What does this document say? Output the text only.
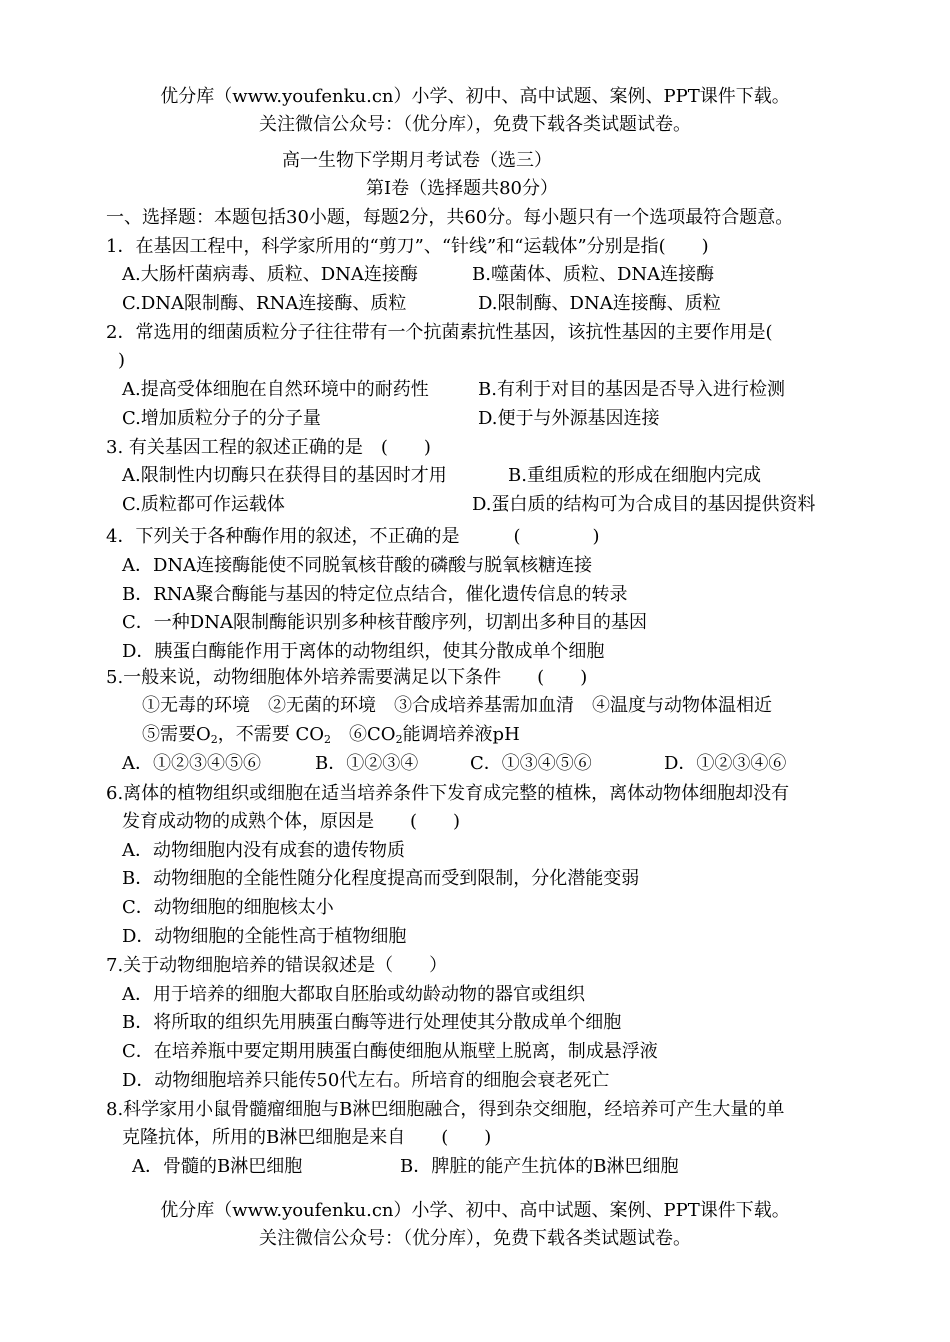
优分库（www.youfenku.cn）小学、初中、高中试题、案例、PPT课件下载。
关注微信公众号：（优分库），免费下载各类试题试卷。
高一生物下学期月考试卷（选三）
第Ⅰ卷（选择题共80分）
一、选择题：本题包括30小题，每题2分，共60分。每小题只有一个选项最符合题意。
1．在基因工程中，科学家所用的“剪刀”、“针线”和“运载体”分别是指(　　)
A.大肠杆菌病毒、质粒、DNA连接酶	B.噬菌体、质粒、DNA连接酶
C.DNA限制酶、RNA连接酶、质粒	D.限制酶、DNA连接酶、质粒
2．常选用的细菌质粒分子往往带有一个抗菌素抗性基因，该抗性基因的主要作用是(
)
A.提高受体细胞在自然环境中的耐药性	B.有利于对目的基因是否导入进行检测
C.增加质粒分子的分子量	D.便于与外源基因连接
3. 有关基因工程的叙述正确的是　(　　)
A.限制性内切酶只在获得目的基因时才用	B.重组质粒的形成在细胞内完成
C.质粒都可作运载体	D.蛋白质的结构可为合成目的基因提供资料
4．下列关于各种酶作用的叙述，不正确的是　　　(　　　　)
A．DNA连接酶能使不同脱氧核苷酸的磷酸与脱氧核糖连接
B．RNA聚合酶能与基因的特定位点结合，催化遗传信息的转录
C．一种DNA限制酶能识别多种核苷酸序列，切割出多种目的基因
D．胰蛋白酶能作用于离体的动物组织，使其分散成单个细胞
5.一般来说，动物细胞体外培养需要满足以下条件　　(　　)
①无毒的环境　②无菌的环境　③合成培养基需加血清　④温度与动物体温相近
⑤需要$O_2$，不需要 $CO_2$　$⑥CO_2$能调培养液pH
A．①②③④⑤⑥	B．①②③④	C．①③④⑤⑥	D．①②③④⑥
6.离体的植物组织或细胞在适当培养条件下发育成完整的植株，离体动物体细胞却没有
发育成动物的成熟个体，原因是　　(　　)
A．动物细胞内没有成套的遗传物质
B．动物细胞的全能性随分化程度提高而受到限制，分化潜能变弱
C．动物细胞的细胞核太小
D．动物细胞的全能性高于植物细胞
7.关于动物细胞培养的错误叙述是（　　）
A．用于培养的细胞大都取自胚胎或幼龄动物的器官或组织
B．将所取的组织先用胰蛋白酶等进行处理使其分散成单个细胞
C．在培养瓶中要定期用胰蛋白酶使细胞从瓶壁上脱离，制成悬浮液
D．动物细胞培养只能传50代左右。所培育的细胞会衰老死亡
8.科学家用小鼠骨髓瘤细胞与B淋巴细胞融合，得到杂交细胞，经培养可产生大量的单
克隆抗体，所用的B淋巴细胞是来自　　(　　)
A．骨髓的B淋巴细胞	B．脾脏的能产生抗体的B淋巴细胞
优分库（www.youfenku.cn）小学、初中、高中试题、案例、PPT课件下载。
关注微信公众号：（优分库），免费下载各类试题试卷。
